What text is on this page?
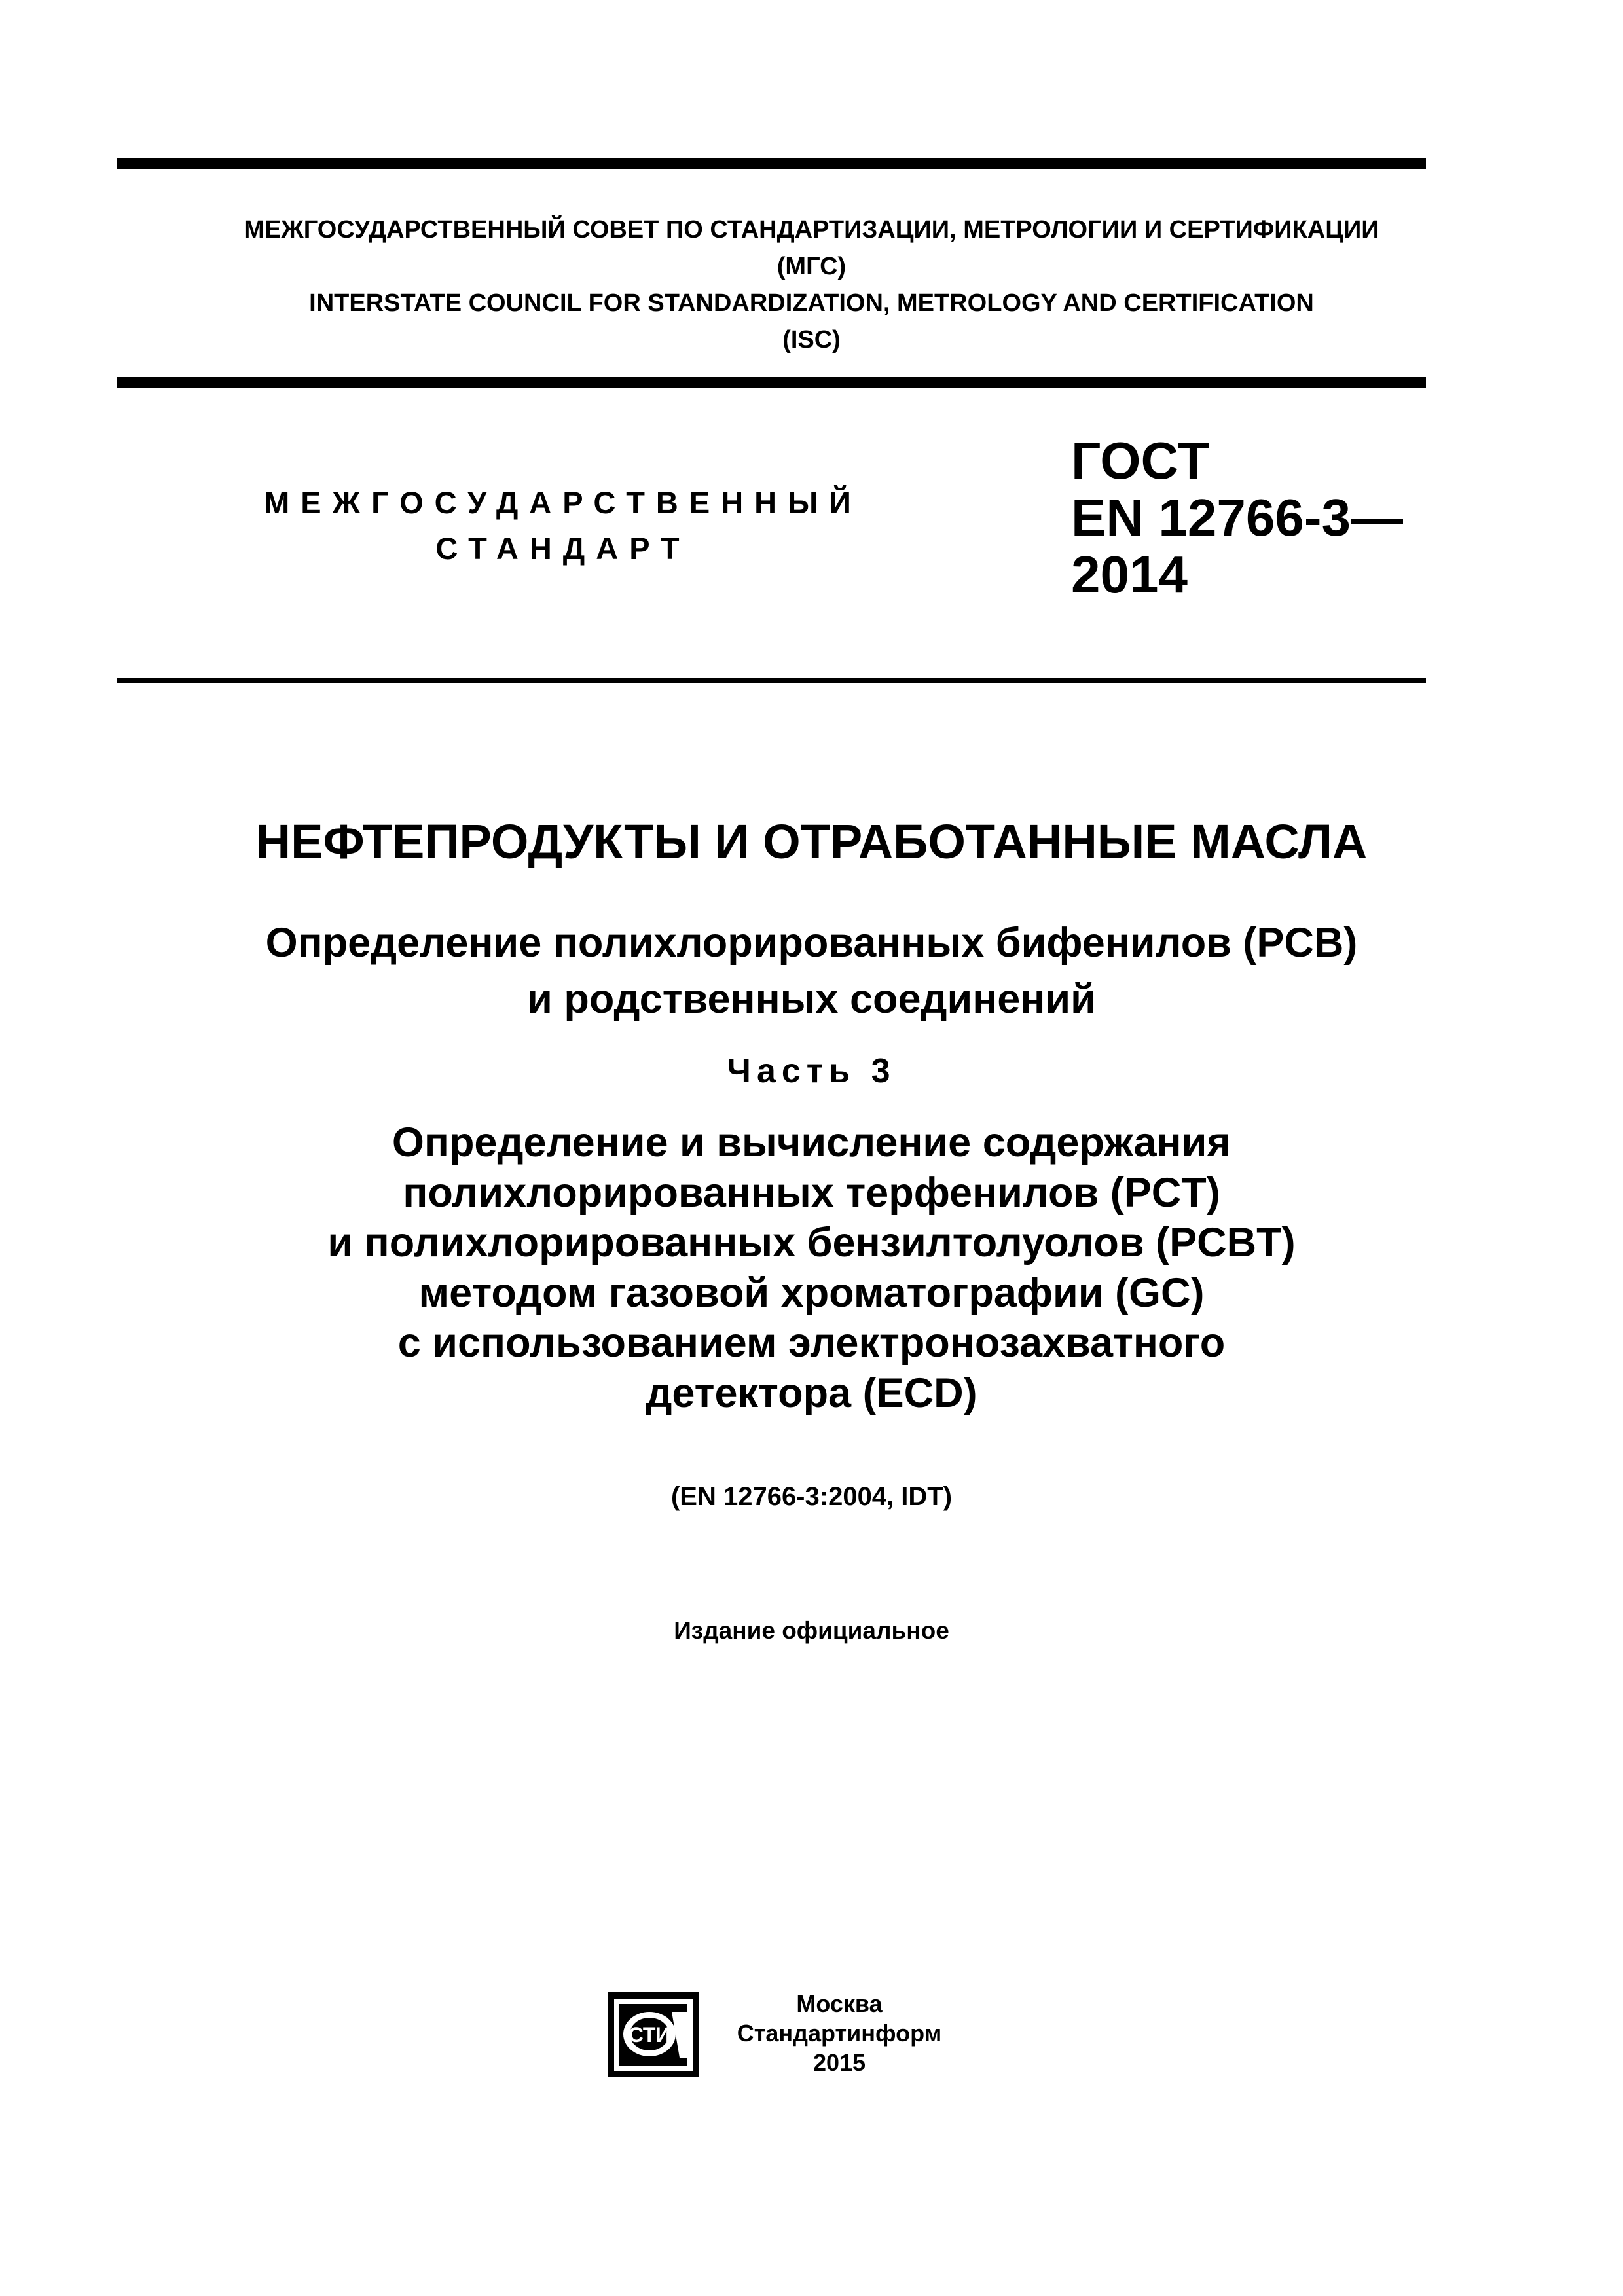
МЕЖГОСУДАРСТВЕННЫЙ СОВЕТ ПО СТАНДАРТИЗАЦИИ, МЕТРОЛОГИИ И СЕРТИФИКАЦИИ
(МГС)
INTERSTATE COUNCIL FOR STANDARDIZATION, METROLOGY AND CERTIFICATION
(ISC)
МЕЖГОСУДАРСТВЕННЫЙ
СТАНДАРТ
ГОСТ
EN 12766-3—
2014
НЕФТЕПРОДУКТЫ И ОТРАБОТАННЫЕ МАСЛА
Определение полихлорированных бифенилов (PCB)
и родственных соединений
Часть 3
Определение и вычисление содержания
полихлорированных терфенилов (PCT)
и полихлорированных бензилтолуолов (PCBT)
методом газовой хроматографии (GC)
с использованием электронозахватного
детектора (ECD)
(EN 12766-3:2004, IDT)
Издание официальное
СТИ
Москва
Стандартинформ
2015
